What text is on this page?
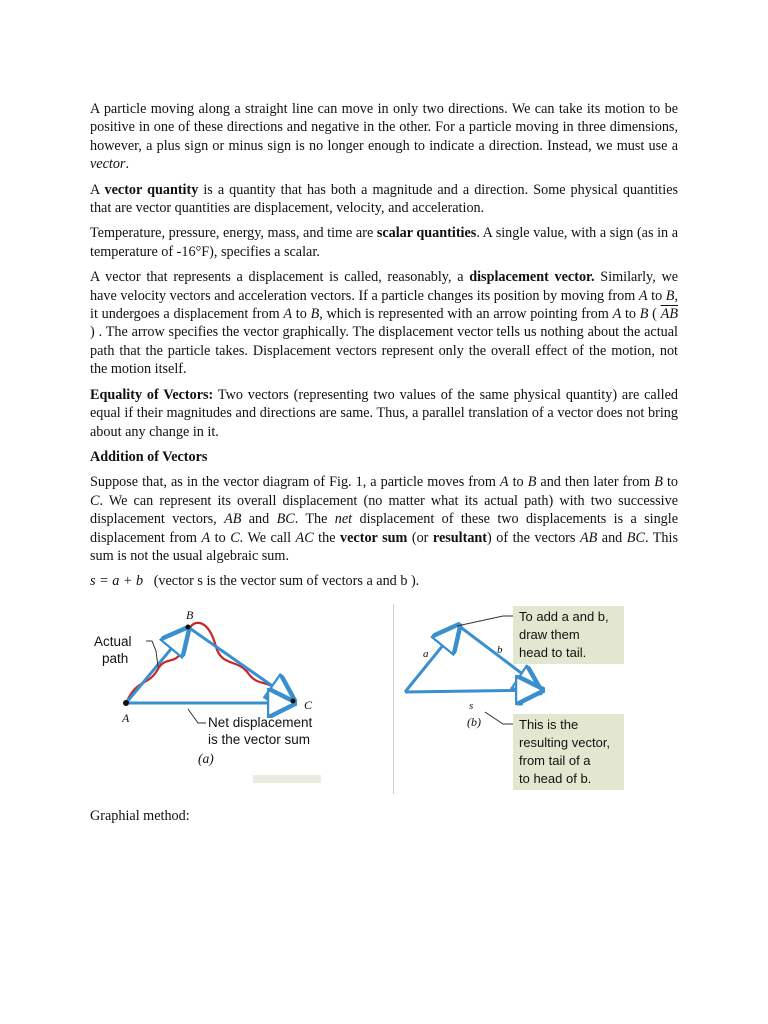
A particle moving along a straight line can move in only two directions. We can take its motion to be positive in one of these directions and negative in the other. For a particle moving in three dimensions, however, a plus sign or minus sign is no longer enough to indicate a direction. Instead, we must use a vector.

A vector quantity is a quantity that has both a magnitude and a direction. Some physical quantities that are vector quantities are displacement, velocity, and acceleration.

Temperature, pressure, energy, mass, and time are scalar quantities. A single value, with a sign (as in a temperature of -16°F), specifies a scalar.

A vector that represents a displacement is called, reasonably, a displacement vector. Similarly, we have velocity vectors and acceleration vectors. If a particle changes its position by moving from A to B, it undergoes a displacement from A to B, which is represented with an arrow pointing from A to B ( $\overline{AB}$ ) . The arrow specifies the vector graphically. The displacement vector tells us nothing about the actual path that the particle takes. Displacement vectors represent only the overall effect of the motion, not the motion itself.

Equality of Vectors: Two vectors (representing two values of the same physical quantity) are called equal if their magnitudes and directions are same. Thus, a parallel translation of a vector does not bring about any change in it.

Addition of Vectors

Suppose that, as in the vector diagram of Fig. 1, a particle moves from A to B and then later from B to C. We can represent its overall displacement (no matter what its actual path) with two successive displacement vectors, AB and BC. The net displacement of these two displacements is a single displacement from A to C. We call AC the vector sum (or resultant) of the vectors AB and BC. This sum is not the usual algebraic sum.

s = a + b (vector s is the vector sum of vectors a and b ).

B
C
A
Actual
path
Net displacement
is the vector sum
(a)
a	b
s
(b)
To add a and b,
draw them
head to tail.
This is the
resulting vector,
from tail of a
to head of b.
Graphial method:
